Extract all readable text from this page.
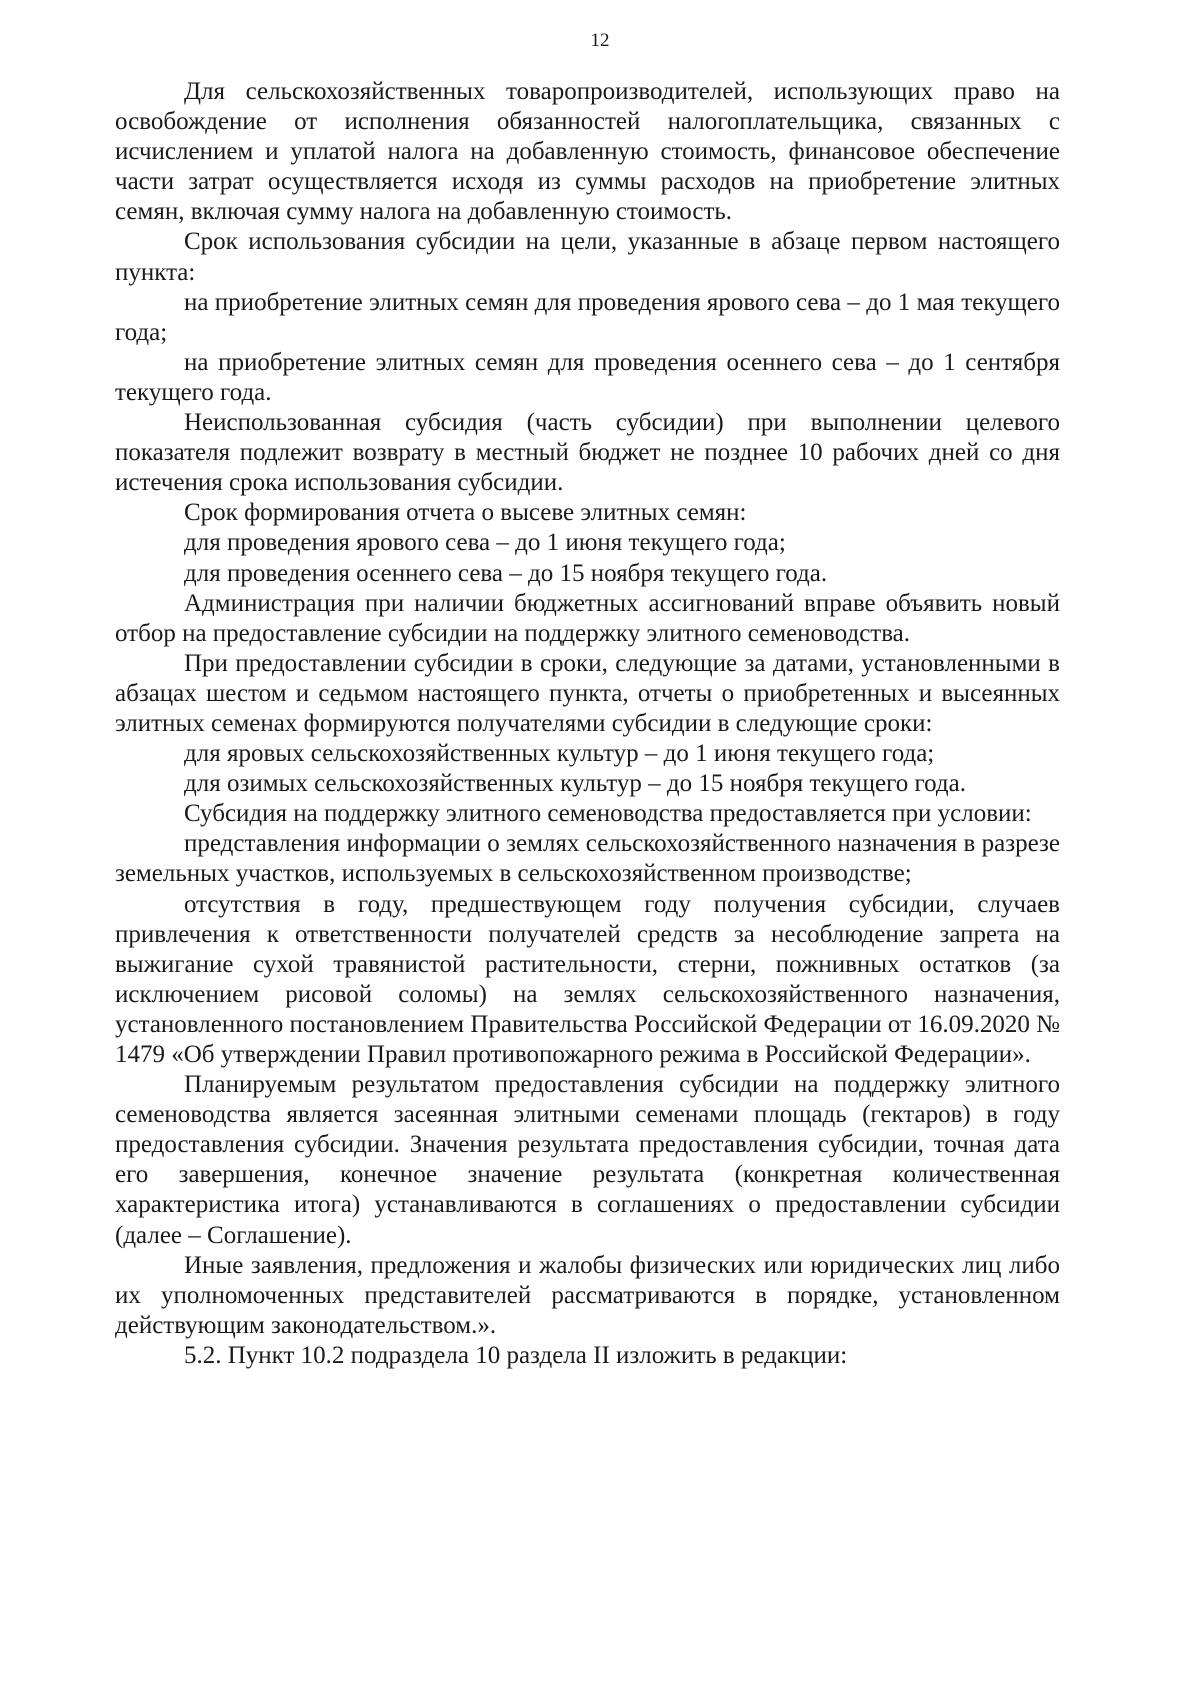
12

Для сельскохозяйственных товаропроизводителей, использующих право на освобождение от исполнения обязанностей налогоплательщика, связанных с исчислением и уплатой налога на добавленную стоимость, финансовое обеспечение части затрат осуществляется исходя из суммы расходов на приобретение элитных семян, включая сумму налога на добавленную стоимость.

Срок использования субсидии на цели, указанные в абзаце первом настоящего пункта:

на приобретение элитных семян для проведения ярового сева – до 1 мая текущего года;

на приобретение элитных семян для проведения осеннего сева – до 1 сентября текущего года.

Неиспользованная субсидия (часть субсидии) при выполнении целевого показателя подлежит возврату в местный бюджет не позднее 10 рабочих дней со дня истечения срока использования субсидии.

Срок формирования отчета о высеве элитных семян:

для проведения ярового сева – до 1 июня текущего года;

для проведения осеннего сева – до 15 ноября текущего года.

Администрация при наличии бюджетных ассигнований вправе объявить новый отбор на предоставление субсидии на поддержку элитного семеноводства.

При предоставлении субсидии в сроки, следующие за датами, установленными в абзацах шестом и седьмом настоящего пункта, отчеты о приобретенных и высеянных элитных семенах формируются получателями субсидии в следующие сроки:

для яровых сельскохозяйственных культур – до 1 июня текущего года;

для озимых сельскохозяйственных культур – до 15 ноября текущего года.

Субсидия на поддержку элитного семеноводства предоставляется при условии:

представления информации о землях сельскохозяйственного назначения в разрезе земельных участков, используемых в сельскохозяйственном производстве;

отсутствия в году, предшествующем году получения субсидии, случаев привлечения к ответственности получателей средств за несоблюдение запрета на выжигание сухой травянистой растительности, стерни, пожнивных остатков (за исключением рисовой соломы) на землях сельскохозяйственного назначения, установленного постановлением Правительства Российской Федерации от 16.09.2020 № 1479 «Об утверждении Правил противопожарного режима в Российской Федерации».

Планируемым результатом предоставления субсидии на поддержку элитного семеноводства является засеянная элитными семенами площадь (гектаров) в году предоставления субсидии. Значения результата предоставления субсидии, точная дата его завершения, конечное значение результата (конкретная количественная характеристика итога) устанавливаются в соглашениях о предоставлении субсидии (далее – Соглашение).

Иные заявления, предложения и жалобы физических или юридических лиц либо их уполномоченных представителей рассматриваются в порядке, установленном действующим законодательством.».

5.2. Пункт 10.2 подраздела 10 раздела II изложить в редакции:
